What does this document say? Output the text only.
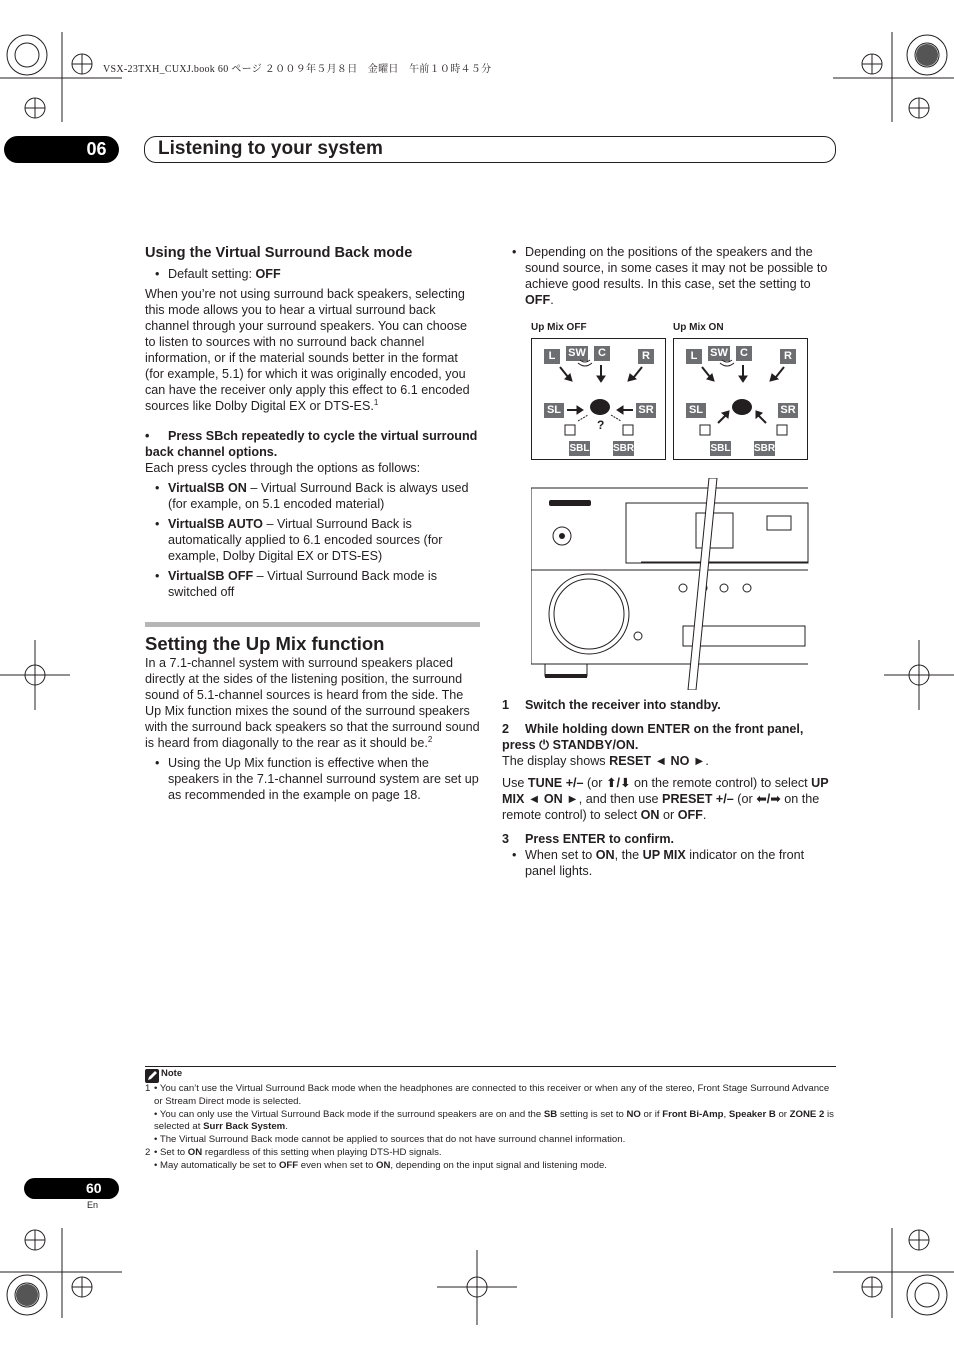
VSX-23TXH_CUXJ.book 60 ページ ２００９年５月８日　金曜日　午前１０時４５分
06	Listening to your system
Using the Virtual Surround Back mode
• Default setting: OFF

When you’re not using surround back speakers, selecting this mode allows you to hear a virtual surround back channel through your surround speakers. You can choose to listen to sources with no surround back channel information, or if the material sounds better in the format (for example, 5.1) for which it was originally encoded, you can have the receiver only apply this effect to 6.1 encoded sources like Dolby Digital EX or DTS-ES.$^1$

• Press SBch repeatedly to cycle the virtual surround back channel options.

Each press cycles through the options as follows:

• VirtualSB ON – Virtual Surround Back is always used (for example, on 5.1 encoded material)
• VirtualSB AUTO – Virtual Surround Back is automatically applied to 6.1 encoded sources (for example, Dolby Digital EX or DTS-ES)
• VirtualSB OFF – Virtual Surround Back mode is switched off
Setting the Up Mix function

In a 7.1-channel system with surround speakers placed directly at the sides of the listening position, the surround sound of 5.1-channel sources is heard from the side. The Up Mix function mixes the sound of the surround speakers with the surround back speakers so that the surround sound is heard from diagonally to the rear as it should be.$^2$

• Using the Up Mix function is effective when the speakers in the 7.1-channel surround system are set up as recommended in the example on page 18.
• Depending on the positions of the speakers and the sound source, in some cases it may not be possible to achieve good results. In this case, set the setting to OFF.
Up Mix OFF	Up Mix ON
L	SW	C	R
SL	SR
SBL SBR
?
L	SW	C	R
SL	SR
SBL SBR

1 Switch the receiver into standby.

2 While holding down ENTER on the front panel, press ⏻ STANDBY/ON.

The display shows RESET ◄ NO ►.

Use TUNE +/– (or ⬆/⬇ on the remote control) to select UP MIX ◄ ON ►, and then use PRESET +/– (or ⬅/➡ on the remote control) to select ON or OFF.

3 Press ENTER to confirm.

• When set to ON, the UP MIX indicator on the front panel lights.
Note
1 • You can’t use the Virtual Surround Back mode when the headphones are connected to this receiver or when any of the stereo, Front Stage Surround Advance or Stream Direct mode is selected.
• You can only use the Virtual Surround Back mode if the surround speakers are on and the SB setting is set to NO or if Front Bi-Amp, Speaker B or ZONE 2 is selected at Surr Back System.
• The Virtual Surround Back mode cannot be applied to sources that do not have surround channel information.
2 • Set to ON regardless of this setting when playing DTS-HD signals.
• May automatically be set to OFF even when set to ON, depending on the input signal and listening mode.
60
En
